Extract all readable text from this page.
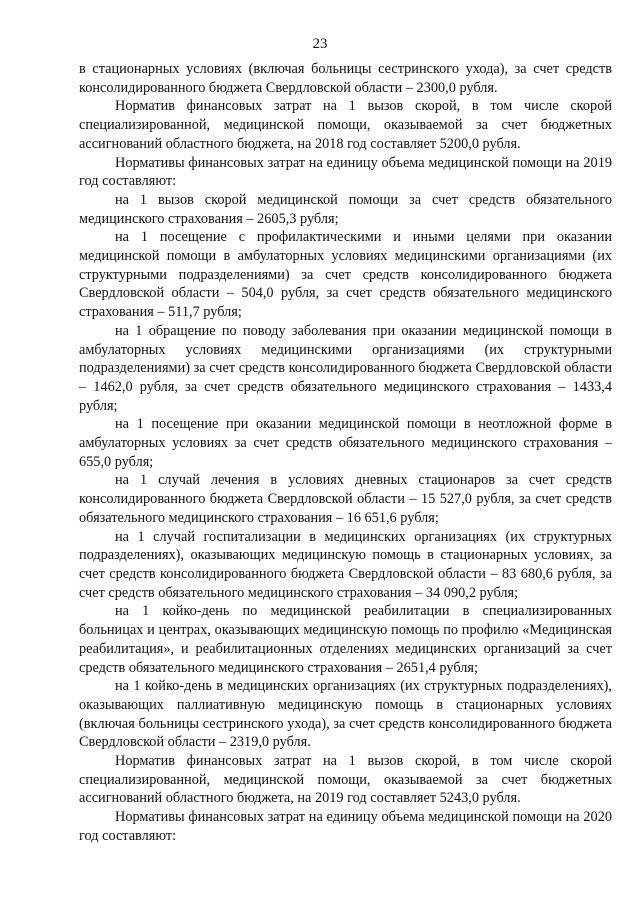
23

в стационарных условиях (включая больницы сестринского ухода), за счет средств консолидированного бюджета Свердловской области – 2300,0 рубля.

Норматив финансовых затрат на 1 вызов скорой, в том числе скорой специализированной, медицинской помощи, оказываемой за счет бюджетных ассигнований областного бюджета, на 2018 год составляет 5200,0 рубля.

Нормативы финансовых затрат на единицу объема медицинской помощи на 2019 год составляют:

на 1 вызов скорой медицинской помощи за счет средств обязательного медицинского страхования – 2605,3 рубля;

на 1 посещение с профилактическими и иными целями при оказании медицинской помощи в амбулаторных условиях медицинскими организациями (их структурными подразделениями) за счет средств консолидированного бюджета Свердловской области – 504,0 рубля, за счет средств обязательного медицинского страхования – 511,7 рубля;

на 1 обращение по поводу заболевания при оказании медицинской помощи в амбулаторных условиях медицинскими организациями (их структурными подразделениями) за счет средств консолидированного бюджета Свердловской области – 1462,0 рубля, за счет средств обязательного медицинского страхования – 1433,4 рубля;

на 1 посещение при оказании медицинской помощи в неотложной форме в амбулаторных условиях за счет средств обязательного медицинского страхования – 655,0 рубля;

на 1 случай лечения в условиях дневных стационаров за счет средств консолидированного бюджета Свердловской области – 15 527,0 рубля, за счет средств обязательного медицинского страхования – 16 651,6 рубля;

на 1 случай госпитализации в медицинских организациях (их структурных подразделениях), оказывающих медицинскую помощь в стационарных условиях, за счет средств консолидированного бюджета Свердловской области – 83 680,6 рубля, за счет средств обязательного медицинского страхования – 34 090,2 рубля;

на 1 койко-день по медицинской реабилитации в специализированных больницах и центрах, оказывающих медицинскую помощь по профилю «Медицинская реабилитация», и реабилитационных отделениях медицинских организаций за счет средств обязательного медицинского страхования – 2651,4 рубля;

на 1 койко-день в медицинских организациях (их структурных подразделениях), оказывающих паллиативную медицинскую помощь в стационарных условиях (включая больницы сестринского ухода), за счет средств консолидированного бюджета Свердловской области – 2319,0 рубля.

Норматив финансовых затрат на 1 вызов скорой, в том числе скорой специализированной, медицинской помощи, оказываемой за счет бюджетных ассигнований областного бюджета, на 2019 год составляет 5243,0 рубля.

Нормативы финансовых затрат на единицу объема медицинской помощи на 2020 год составляют:
